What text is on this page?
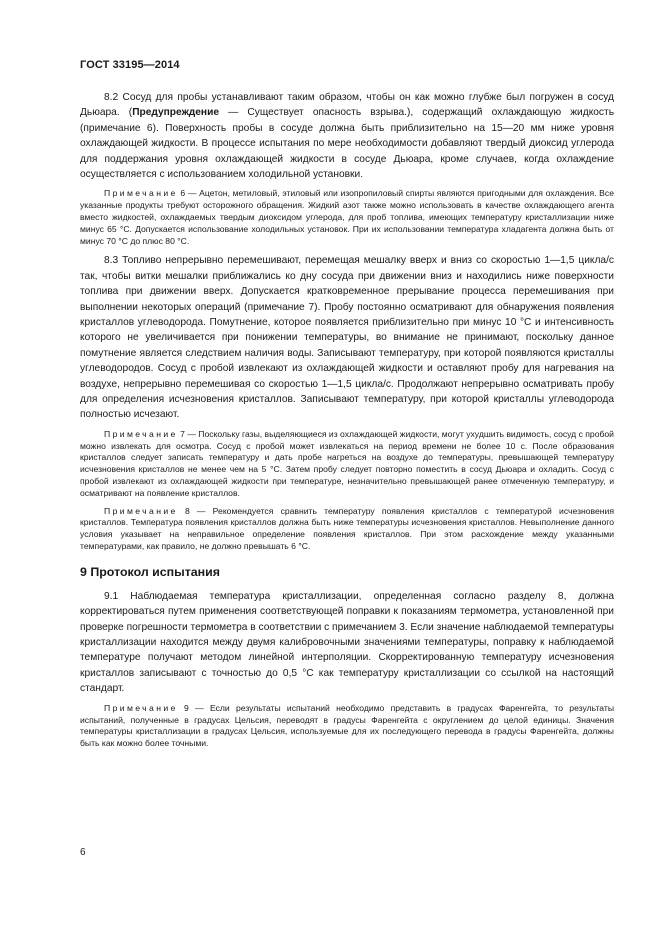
ГОСТ 33195—2014

8.2 Сосуд для пробы устанавливают таким образом, чтобы он как можно глубже был погружен в сосуд Дьюара. (Предупреждение — Существует опасность взрыва.), содержащий охлаждающую жидкость (примечание 6). Поверхность пробы в сосуде должна быть приблизительно на 15—20 мм ниже уровня охлаждающей жидкости. В процессе испытания по мере необходимости добавляют твердый диоксид углерода для поддержания уровня охлаждающей жидкости в сосуде Дьюара, кроме случаев, когда охлаждение осуществляется с использованием холодильной установки.

Примечание 6 — Ацетон, метиловый, этиловый или изопропиловый спирты являются пригодными для охлаждения. Все указанные продукты требуют осторожного обращения. Жидкий азот также можно использовать в качестве охлаждающего агента вместо жидкостей, охлаждаемых твердым диоксидом углерода, для проб топлива, имеющих температуру кристаллизации ниже минус 65 °С. Допускается использование холодильных установок. При их использовании температура хладагента должна быть от минус 70 °С до плюс 80 °С.

8.3 Топливо непрерывно перемешивают, перемещая мешалку вверх и вниз со скоростью 1—1,5 цикла/с так, чтобы витки мешалки приближались ко дну сосуда при движении вниз и находились ниже поверхности топлива при движении вверх. Допускается кратковременное прерывание процесса перемешивания при выполнении некоторых операций (примечание 7). Пробу постоянно осматривают для обнаружения появления кристаллов углеводорода. Помутнение, которое появляется приблизительно при минус 10 °С и интенсивность которого не увеличивается при понижении температуры, во внимание не принимают, поскольку данное помутнение является следствием наличия воды. Записывают температуру, при которой появляются кристаллы углеводородов. Сосуд с пробой извлекают из охлаждающей жидкости и оставляют пробу для нагревания на воздухе, непрерывно перемешивая со скоростью 1—1,5 цикла/с. Продолжают непрерывно осматривать пробу для определения исчезновения кристаллов. Записывают температуру, при которой кристаллы углеводорода полностью исчезают.

Примечание 7 — Поскольку газы, выделяющиеся из охлаждающей жидкости, могут ухудшить видимость, сосуд с пробой можно извлекать для осмотра. Сосуд с пробой может извлекаться на период времени не более 10 с. После образования кристаллов следует записать температуру и дать пробе нагреться на воздухе до температуры, превышающей температуру исчезновения кристаллов не менее чем на 5 °С. Затем пробу следует повторно поместить в сосуд Дьюара и охладить. Сосуд с пробой извлекают из охлаждающей жидкости при температуре, незначительно превышающей ранее отмеченную температуру, и осматривают на появление кристаллов.

Примечание 8 — Рекомендуется сравнить температуру появления кристаллов с температурой исчезновения кристаллов. Температура появления кристаллов должна быть ниже температуры исчезновения кристаллов. Невыполнение данного условия указывает на неправильное определение появления кристаллов. При этом расхождение между указанными температурами, как правило, не должно превышать 6 °С.

9 Протокол испытания

9.1 Наблюдаемая температура кристаллизации, определенная согласно разделу 8, должна корректироваться путем применения соответствующей поправки к показаниям термометра, установленной при проверке погрешности термометра в соответствии с примечанием 3. Если значение наблюдаемой температуры кристаллизации находится между двумя калибровочными значениями температуры, поправку к наблюдаемой температуре получают методом линейной интерполяции. Скорректированную температуру исчезновения кристаллов записывают с точностью до 0,5 °С как температуру кристаллизации со ссылкой на настоящий стандарт.

Примечание 9 — Если результаты испытаний необходимо представить в градусах Фаренгейта, то результаты испытаний, полученные в градусах Цельсия, переводят в градусы Фаренгейта с округлением до целой единицы. Значения температуры кристаллизации в градусах Цельсия, используемые для их последующего перевода в градусы Фаренгейта, должны быть как можно более точными.

6
